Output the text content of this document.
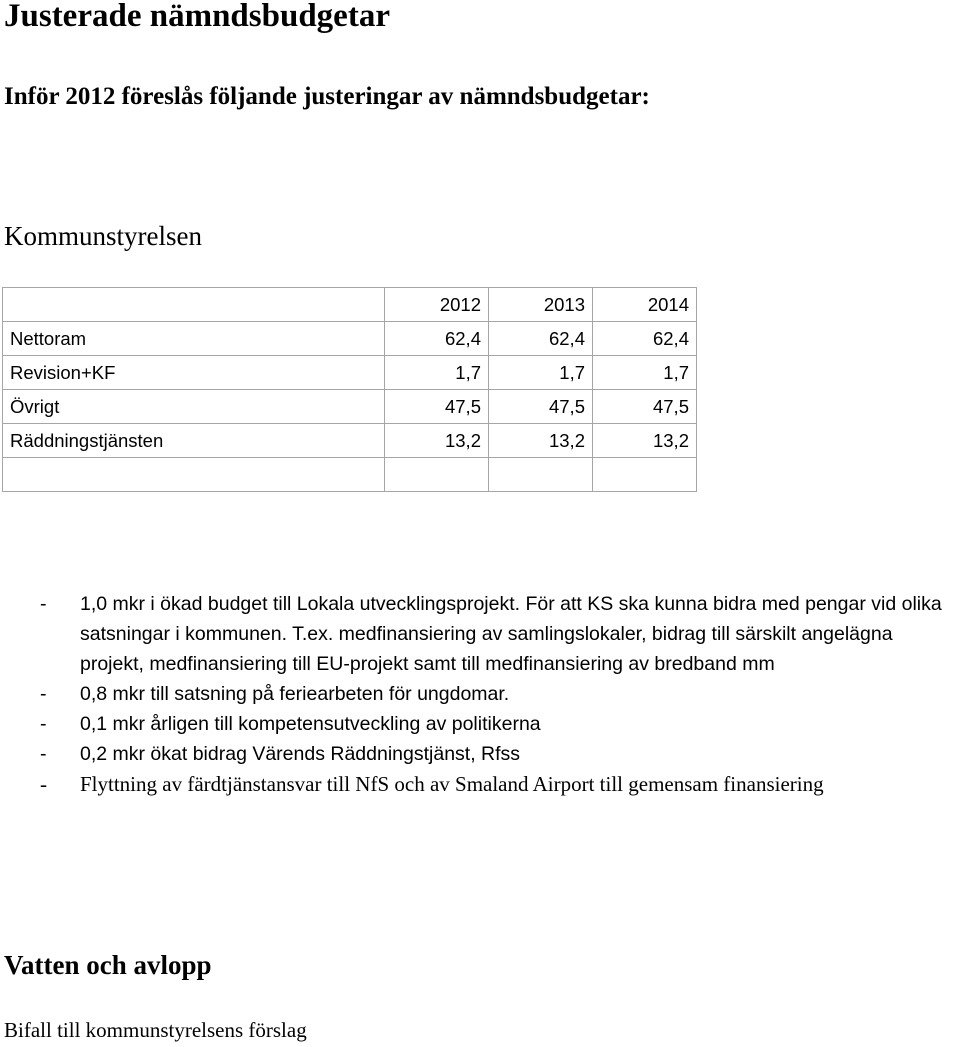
Justerade nämndsbudgetar

Inför 2012 föreslås följande justeringar av nämndsbudgetar:

Kommunstyrelsen
	2012	2013	2014
Nettoram	62,4	62,4	62,4
Revision+KF	1,7	1,7	1,7
Övrigt	47,5	47,5	47,5
Räddningstjänsten	13,2	13,2	13,2

- 1,0 mkr i ökad budget till Lokala utvecklingsprojekt. För att KS ska kunna bidra med pengar vid olika satsningar i kommunen. T.ex. medfinansiering av samlingslokaler, bidrag till särskilt angelägna projekt, medfinansiering till EU-projekt samt till medfinansiering av bredband mm
- 0,8 mkr till satsning på feriearbeten för ungdomar.
- 0,1 mkr årligen till kompetensutveckling av politikerna
- 0,2 mkr ökat bidrag Värends Räddningstjänst, Rfss
- Flyttning av färdtjänstansvar till NfS och av Smaland Airport till gemensam finansiering
Vatten och avlopp

Bifall till kommunstyrelsens förslag
